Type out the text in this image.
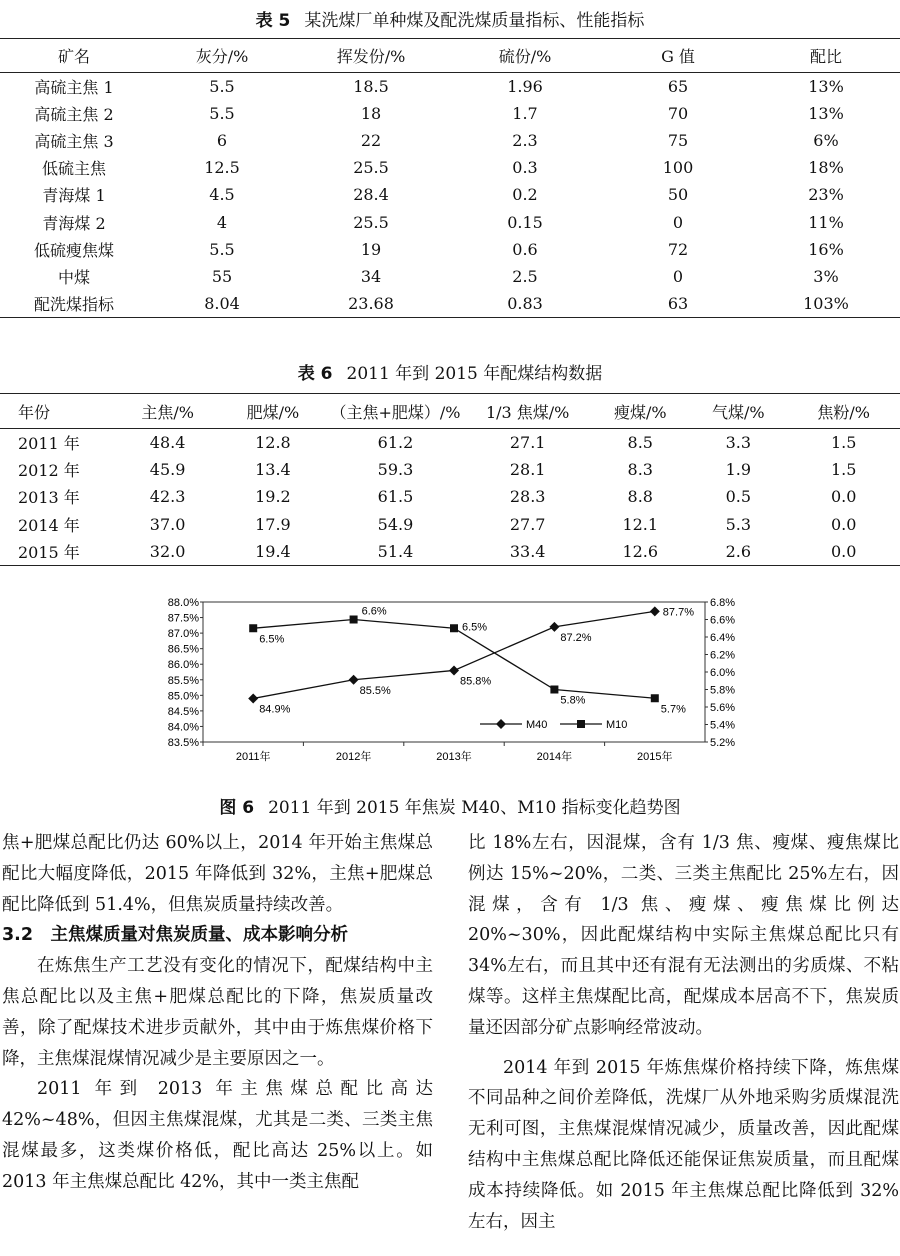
表 5 某洗煤厂单种煤及配洗煤质量指标、性能指标
矿名	灰分/%	挥发份/%	硫份/%	G 值	配比
高硫主焦 1	5.5	18.5	1.96	65	13%
高硫主焦 2	5.5	18	1.7	70	13%
高硫主焦 3	6	22	2.3	75	6%
低硫主焦	12.5	25.5	0.3	100	18%
青海煤 1	4.5	28.4	0.2	50	23%
青海煤 2	4	25.5	0.15	0	11%
低硫瘦焦煤	5.5	19	0.6	72	16%
中煤	55	34	2.5	0	3%
配洗煤指标	8.04	23.68	0.83	63	103%
表 6 2011 年到 2015 年配煤结构数据
年份	主焦/%	肥煤/%	（主焦+肥煤）/%	1/3 焦煤/%	瘦煤/%	气煤/%	焦粉/%
2011 年	48.4	12.8	61.2	27.1	8.5	3.3	1.5
2012 年	45.9	13.4	59.3	28.1	8.3	1.9	1.5
2013 年	42.3	19.2	61.5	28.3	8.8	0.5	0.0
2014 年	37.0	17.9	54.9	27.7	12.1	5.3	0.0
2015 年	32.0	19.4	51.4	33.4	12.6	2.6	0.0
88.0%
87.5%
87.0%
86.5%
86.0%
85.5%
85.0%
84.5%
84.0%
83.5%
6.8%
6.6%
6.4%
6.2%
6.0%
5.8%
5.6%
5.4%
5.2%
2011年	2012年	2013年	2014年	2015年
84.9%
85.5%
85.8%
87.2%
87.7%
6.5%
6.6%
6.5%
5.8%
5.7%
M40	M10
图 6 2011 年到 2015 年焦炭 M40、M10 指标变化趋势图

焦+肥煤总配比仍达 60%以上，2014 年开始主焦煤总配比大幅度降低，2015 年降低到 32%，主焦+肥煤总配比降低到 51.4%，但焦炭质量持续改善。

3.2　主焦煤质量对焦炭质量、成本影响分析

在炼焦生产工艺没有变化的情况下，配煤结构中主焦总配比以及主焦+肥煤总配比的下降，焦炭质量改善，除了配煤技术进步贡献外，其中由于炼焦煤价格下降，主焦煤混煤情况减少是主要原因之一。

2011 年到 2013 年主焦煤总配比高达 42%~48%，但因主焦煤混煤，尤其是二类、三类主焦混煤最多，这类煤价格低，配比高达 25%以上。如 2013 年主焦煤总配比 42%，其中一类主焦配

比 18%左右，因混煤，含有 1/3 焦、瘦煤、瘦焦煤比例达 15%~20%，二类、三类主焦配比 25%左右，因混煤，含有 1/3 焦、瘦煤、瘦焦煤比例达 20%~30%，因此配煤结构中实际主焦煤总配比只有 34%左右，而且其中还有混有无法测出的劣质煤、不粘煤等。这样主焦煤配比高，配煤成本居高不下，焦炭质量还因部分矿点影响经常波动。

2014 年到 2015 年炼焦煤价格持续下降，炼焦煤不同品种之间价差降低，洗煤厂从外地采购劣质煤混洗无利可图，主焦煤混煤情况减少，质量改善，因此配煤结构中主焦煤总配比降低还能保证焦炭质量，而且配煤成本持续降低。如 2015 年主焦煤总配比降低到 32%左右，因主
